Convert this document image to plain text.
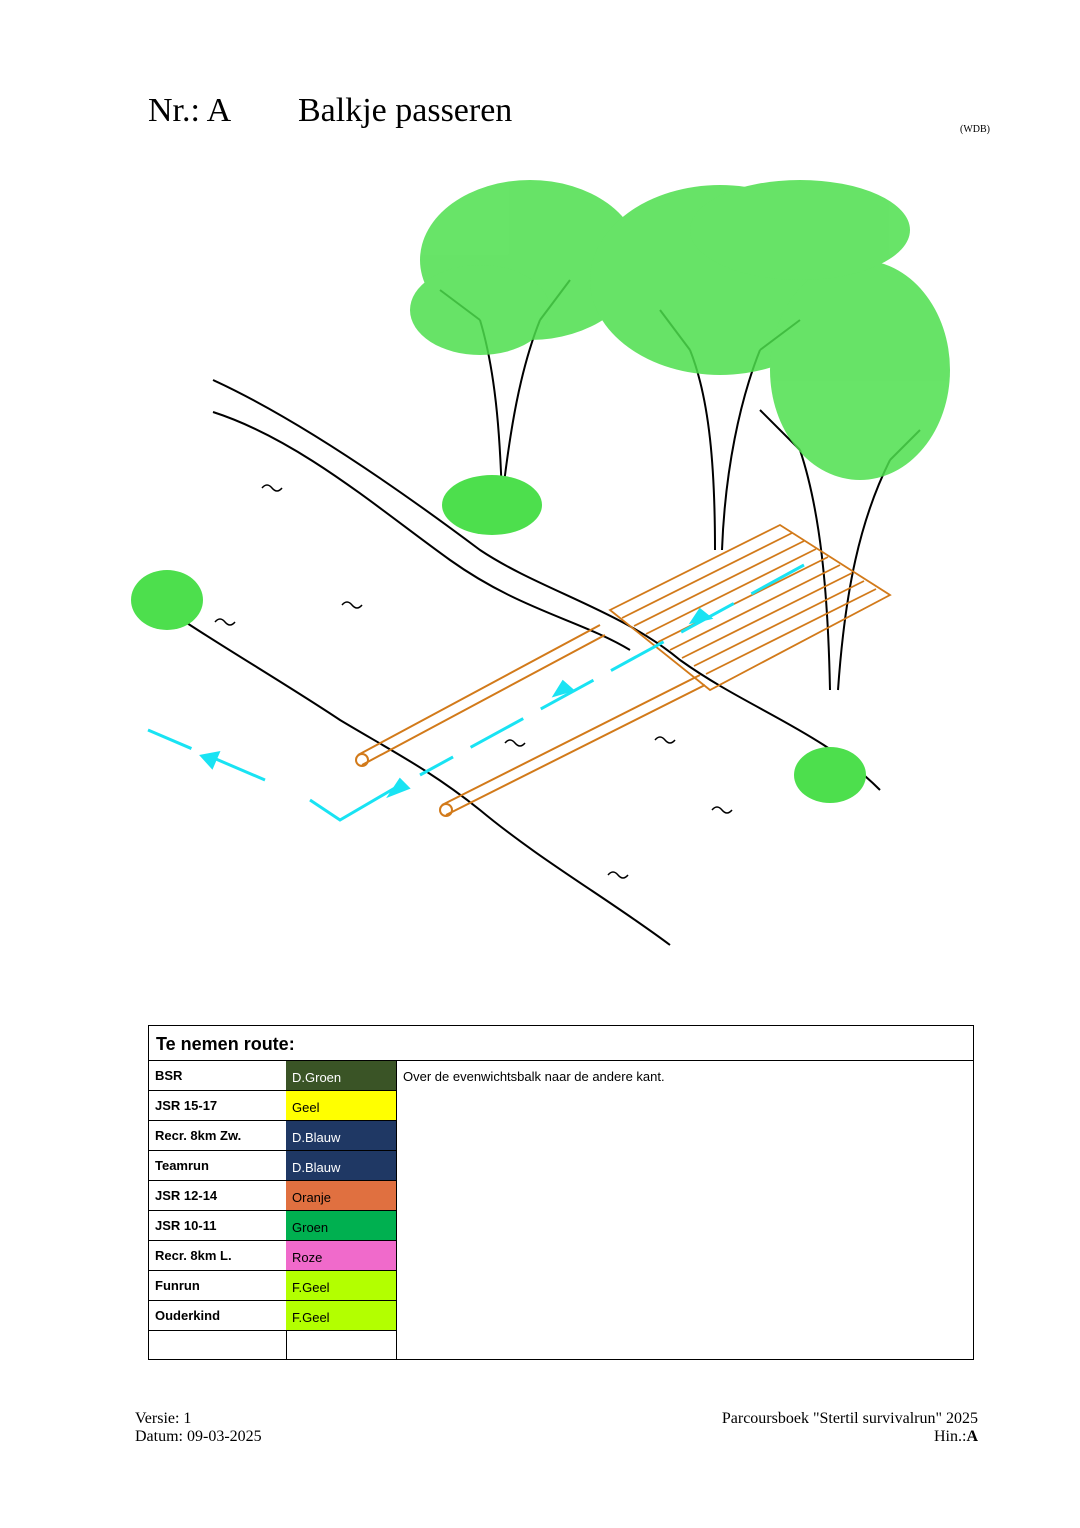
Nr.: A Balkje passeren
(WDB)
Te nemen route:
BSR
JSR 15-17
Recr. 8km Zw.
Teamrun
JSR 12-14
JSR 10-11
Recr. 8km L.
Funrun
Ouderkind
D.Groen
Geel
D.Blauw
D.Blauw
Oranje
Groen
Roze
F.Geel
F.Geel
Over de evenwichtsbalk naar de andere kant.
Versie: 1
Datum: 09-03-2025
Parcoursboek "Stertil survivalrun" 2025
Hin.:A
